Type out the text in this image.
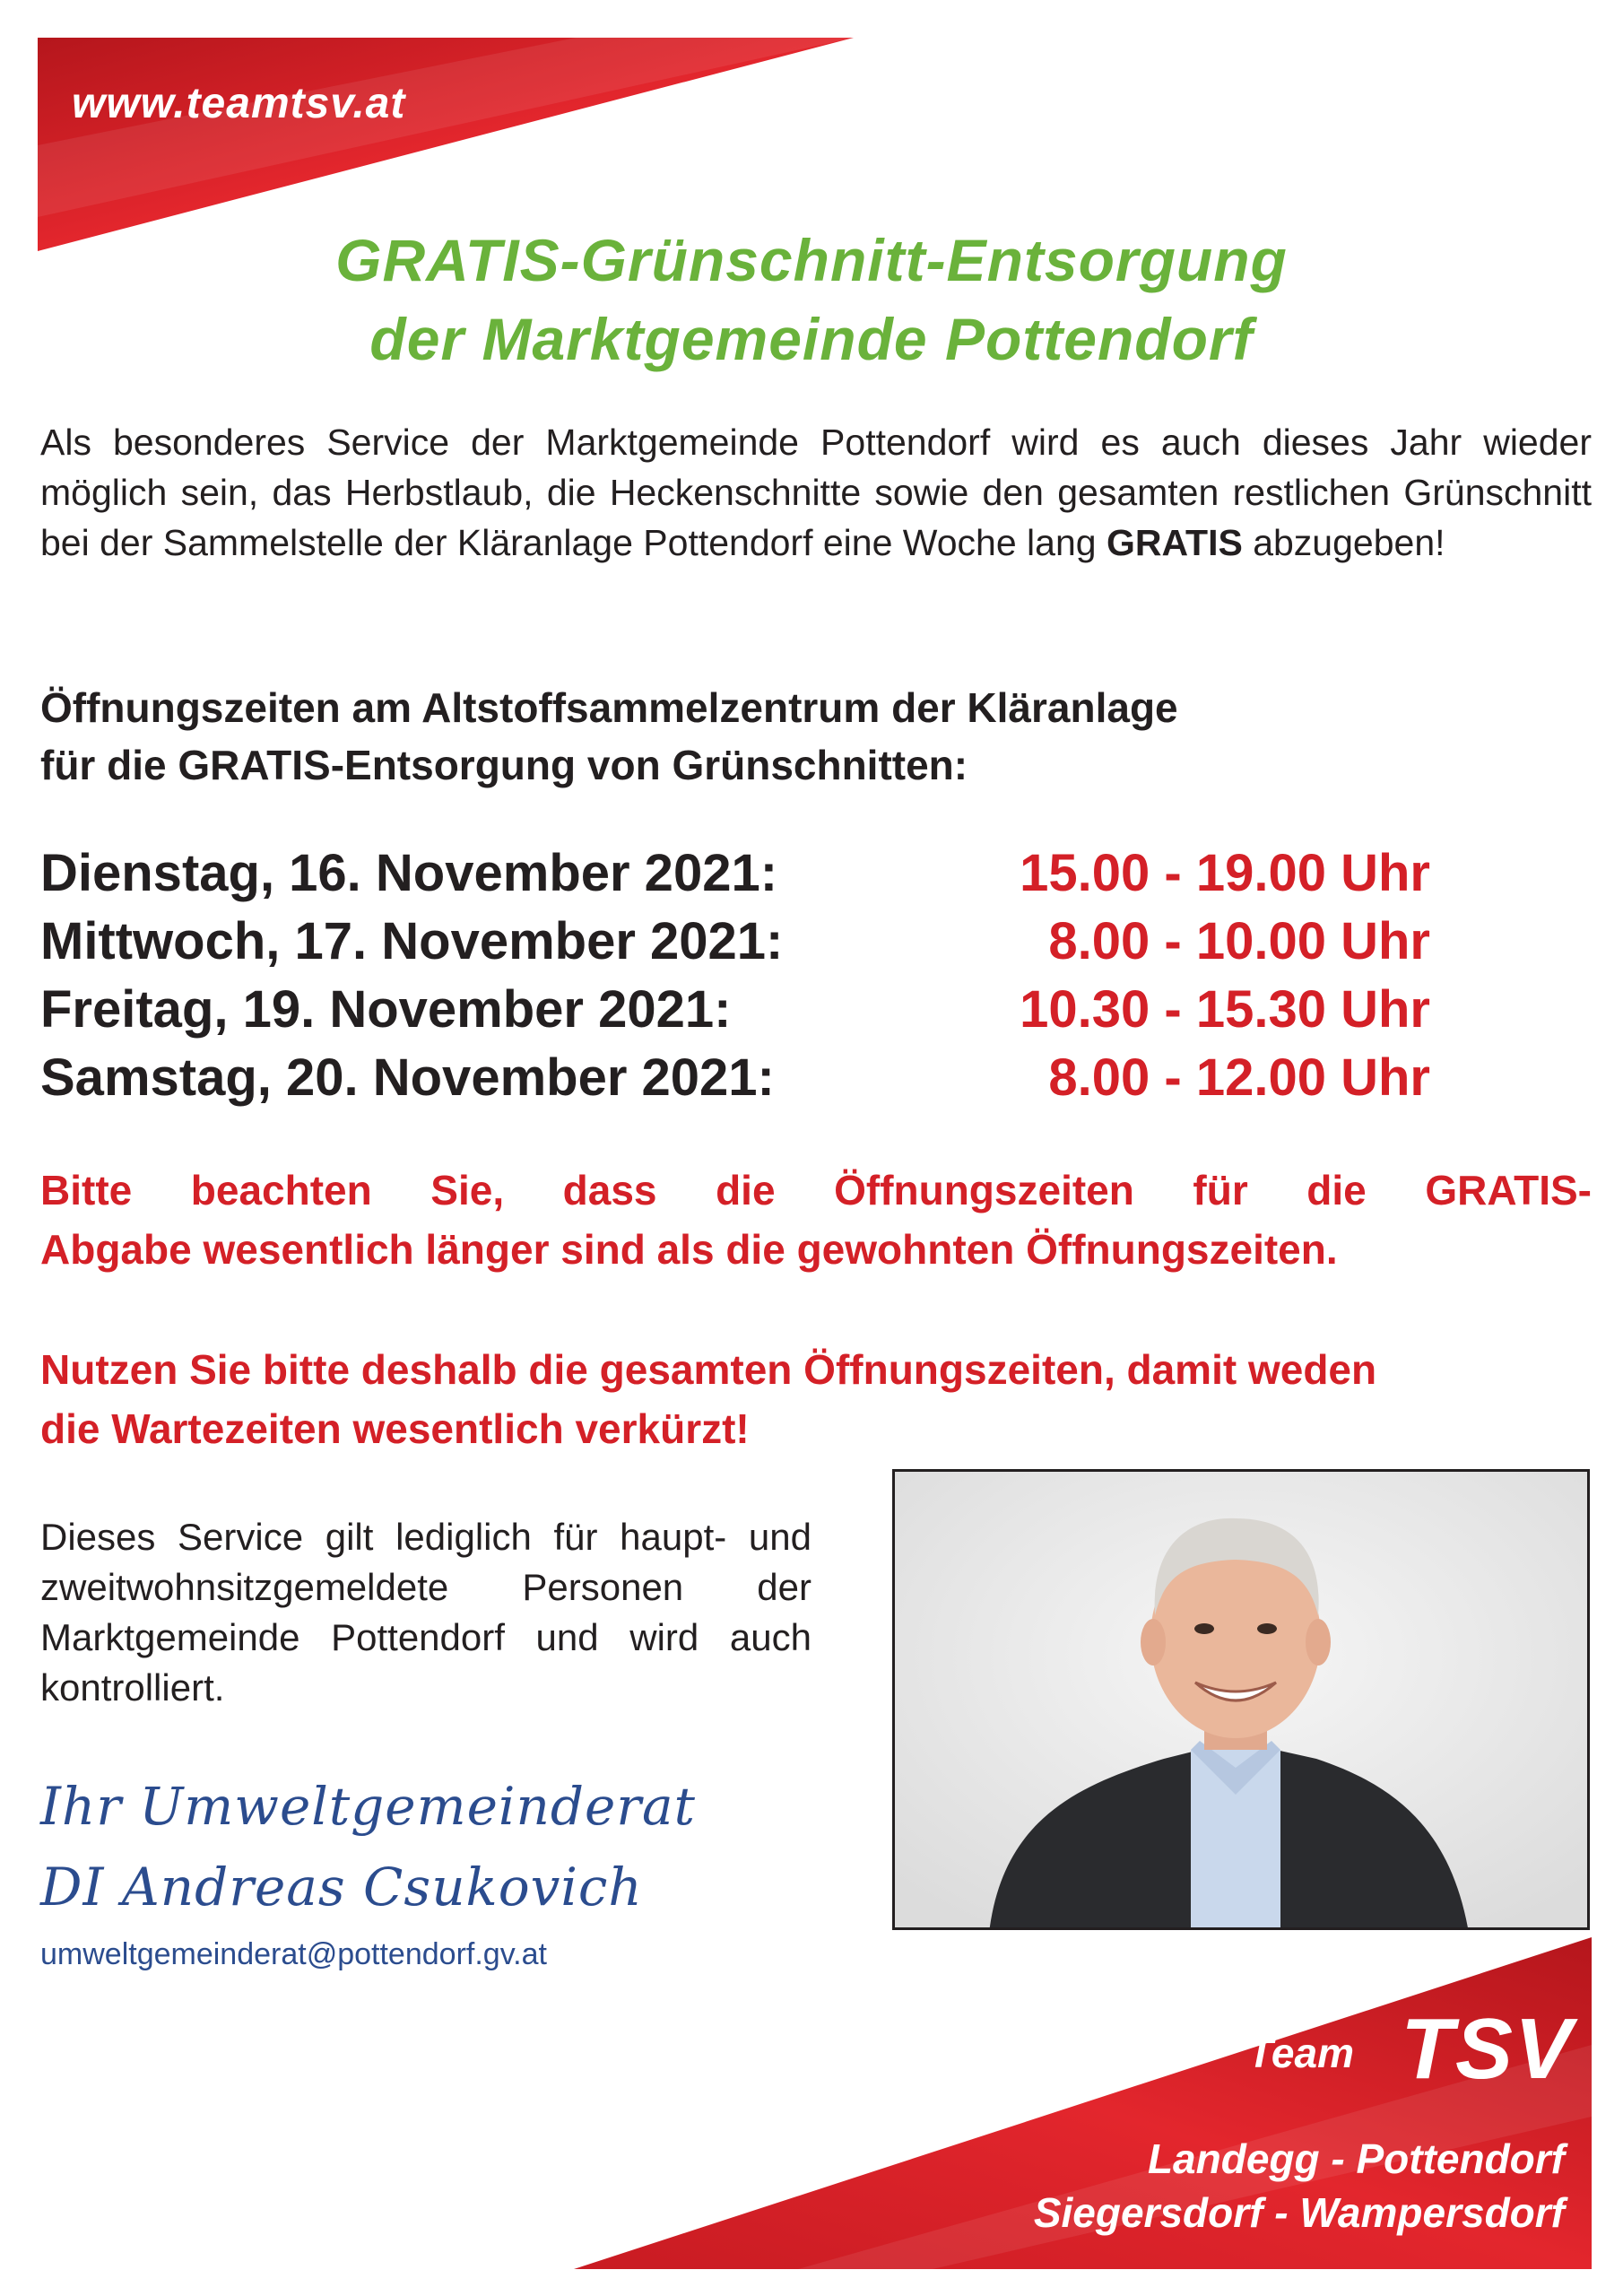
www.teamtsv.at
GRATIS-Grünschnitt-Entsorgung
der Marktgemeinde Pottendorf
Als besonderes Service der Marktgemeinde Pottendorf wird es auch dieses Jahr wieder möglich sein, das Herbstlaub, die Heckenschnitte sowie den gesamten restlichen Grünschnitt bei der Sammelstelle der Kläranlage Pottendorf eine Woche lang GRATIS abzugeben!
Öffnungszeiten am Altstoffsammelzentrum der Kläranlage
für die GRATIS-Entsorgung von Grünschnitten:
Dienstag, 16. November 2021:	15.00 - 19.00 Uhr
Mittwoch, 17. November 2021:	8.00 - 10.00 Uhr
Freitag, 19. November 2021:	10.30 - 15.30 Uhr
Samstag, 20. November 2021:	8.00 - 12.00 Uhr
Bitte beachten Sie, dass die Öffnungszeiten für die GRATIS-
Abgabe wesentlich länger sind als die gewohnten Öffnungszeiten.
Nutzen Sie bitte deshalb die gesamten Öffnungszeiten, damit weden
die Wartezeiten wesentlich verkürzt!
Dieses Service gilt lediglich für haupt- und zweitwohnsitzgemeldete Personen der Marktgemeinde Pottendorf und wird auch kontrolliert.
Ihr Umweltgemeinderat
DI Andreas Csukovich
umweltgemeinderat@pottendorf.gv.at
Team TSV
Landegg - Pottendorf
Siegersdorf - Wampersdorf
